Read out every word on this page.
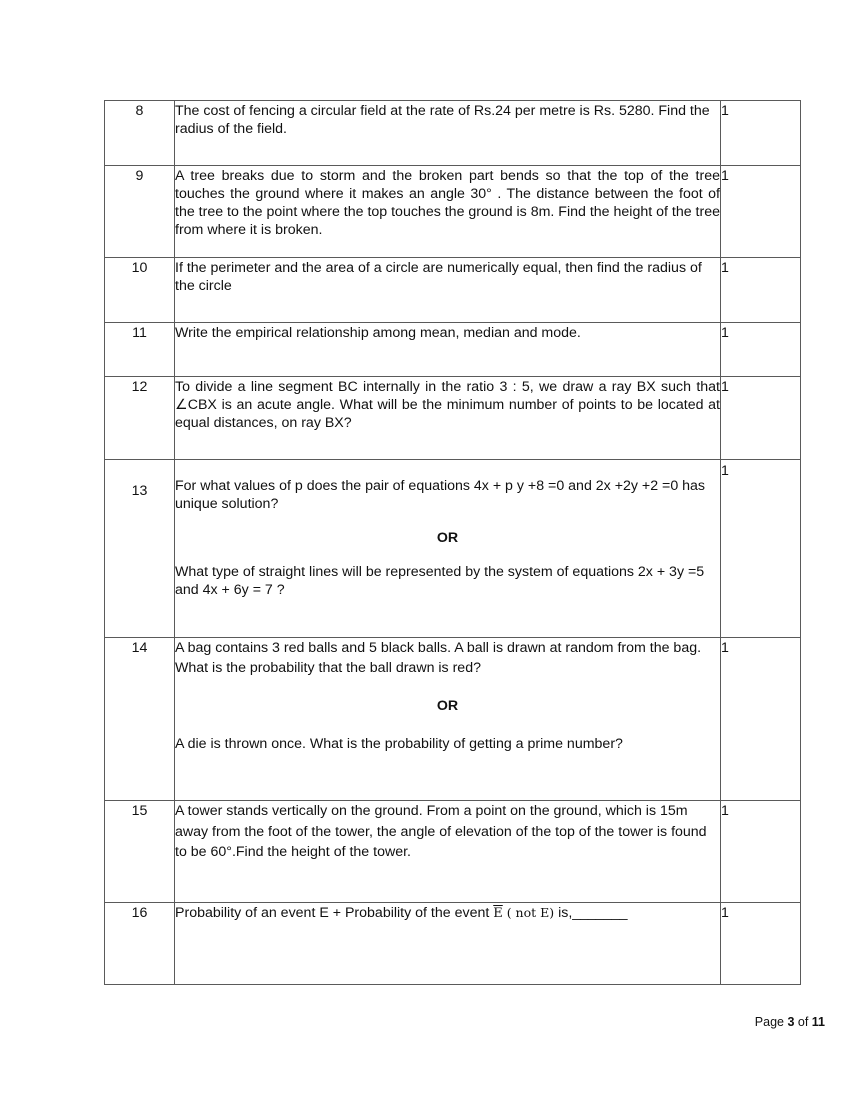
8	The cost of fencing a circular field at the rate of Rs.24 per metre is Rs. 5280. Find the radius of the field.	1

9	A tree breaks due to storm and the broken part bends so that the top of the tree touches the ground where it makes an angle 30° . The distance between the foot of the tree to the point where the top touches the ground is 8m. Find the height of the tree from where it is broken.	1

10	If the perimeter and the area of a circle are numerically equal, then find the radius of the circle	1

11	Write the empirical relationship among mean, median and mode.	1

12	To divide a line segment BC internally in the ratio 3 : 5, we draw a ray BX such that ∠CBX is an acute angle. What will be the minimum number of points to be located at equal distances, on ray BX?	1

13	For what values of p does the pair of equations 4x + p y +8 =0 and 2x +2y +2 =0 has unique solution?
OR
What type of straight lines will be represented by the system of equations 2x + 3y =5 and 4x + 6y = 7 ?	1

14	A bag contains 3 red balls and 5 black balls. A ball is drawn at random from the bag. What is the probability that the ball drawn is red?
OR
A die is thrown once. What is the probability of getting a prime number?	1

15	A tower stands vertically on the ground. From a point on the ground, which is 15m away from the foot of the tower, the angle of elevation of the top of the tower is found to be 60°.Find the height of the tower.	1

16	Probability of an event E + Probability of the event $\overline{E}$ ( not E) is,_______	1
Page 3 of 11
